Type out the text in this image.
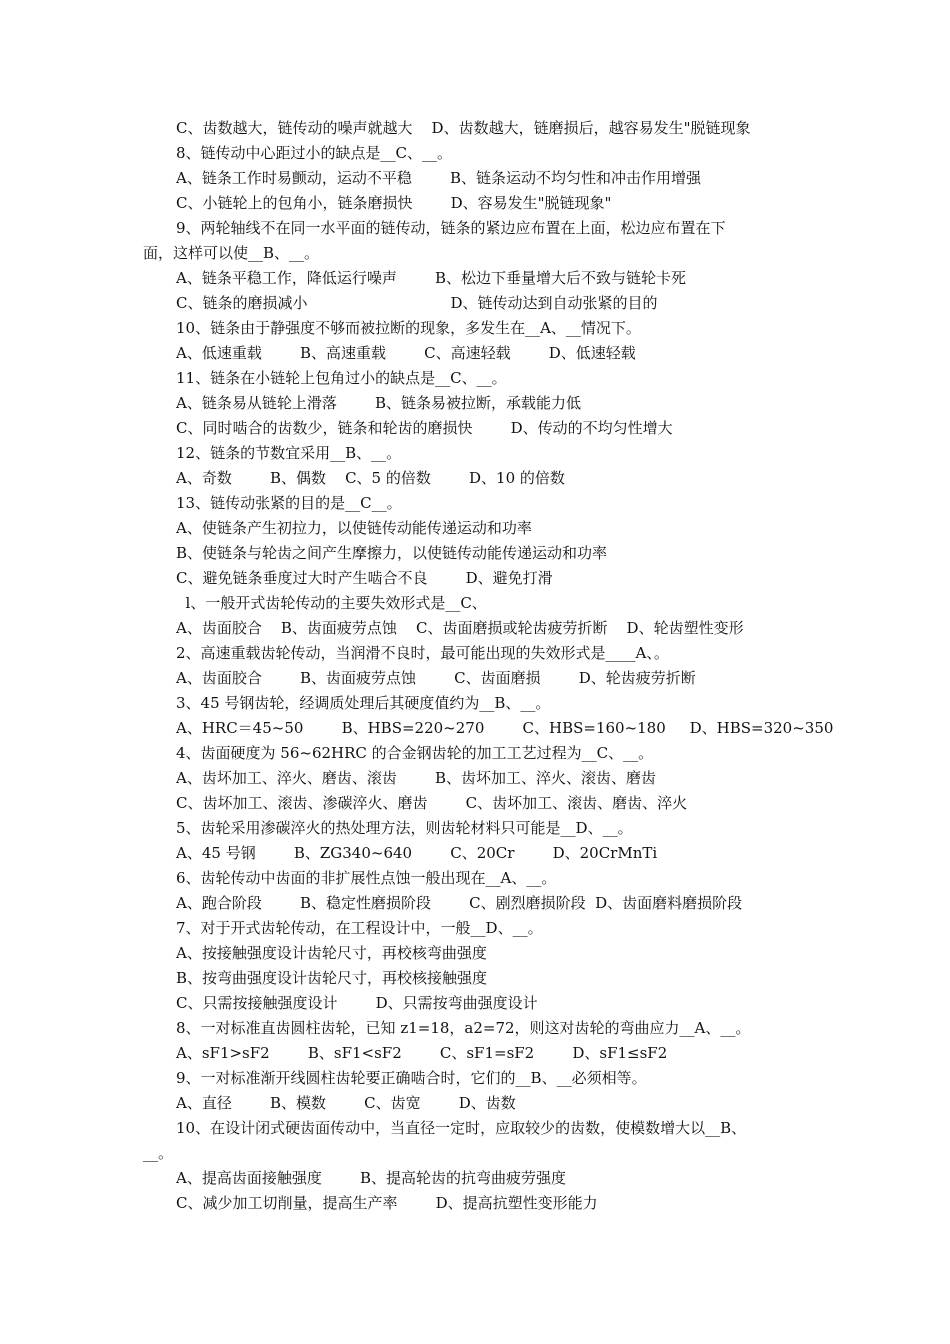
C、齿数越大，链传动的噪声就越大    D、齿数越大，链磨损后，越容易发生"脱链现象
8、链传动中心距过小的缺点是__C、__。
A、链条工作时易颤动，运动不平稳        B、链条运动不均匀性和冲击作用增强
C、小链轮上的包角小，链条磨损快        D、容易发生"脱链现象"
9、两轮轴线不在同一水平面的链传动，链条的紧边应布置在上面，松边应布置在下
面，这样可以使__B、__。
A、链条平稳工作，降低运行噪声        B、松边下垂量增大后不致与链轮卡死
C、链条的磨损减小                              D、链传动达到自动张紧的目的
10、链条由于静强度不够而被拉断的现象，多发生在__A、__情况下。
A、低速重载        B、高速重载        C、高速轻载        D、低速轻载
11、链条在小链轮上包角过小的缺点是__C、__。
A、链条易从链轮上滑落        B、链条易被拉断，承载能力低
C、同时啮合的齿数少，链条和轮齿的磨损快        D、传动的不均匀性增大
12、链条的节数宜采用__B、__。
A、奇数        B、偶数    C、5 的倍数        D、10 的倍数
13、链传动张紧的目的是__C__。
A、使链条产生初拉力，以使链传动能传递运动和功率
B、使链条与轮齿之间产生摩擦力，以使链传动能传递运动和功率
C、避免链条垂度过大时产生啮合不良        D、避免打滑
l、一般开式齿轮传动的主要失效形式是__C、
A、齿面胶合    B、齿面疲劳点蚀    C、齿面磨损或轮齿疲劳折断    D、轮齿塑性变形
2、高速重载齿轮传动，当润滑不良时，最可能出现的失效形式是____A、。
A、齿面胶合        B、齿面疲劳点蚀        C、齿面磨损        D、轮齿疲劳折断
3、45 号钢齿轮，经调质处理后其硬度值约为__B、__。
A、HRC＝45~50        B、HBS=220~270        C、HBS=160~180     D、HBS=320~350
4、齿面硬度为 56~62HRC 的合金钢齿轮的加工工艺过程为__C、__。
A、齿坏加工、淬火、磨齿、滚齿        B、齿坏加工、淬火、滚齿、磨齿
C、齿坏加工、滚齿、渗碳淬火、磨齿        C、齿坏加工、滚齿、磨齿、淬火
5、齿轮采用渗碳淬火的热处理方法，则齿轮材料只可能是__D、__。
A、45 号钢        B、ZG340~640        C、20Cr        D、20CrMnTi
6、齿轮传动中齿面的非扩展性点蚀一般出现在__A、__。
A、跑合阶段        B、稳定性磨损阶段        C、剧烈磨损阶段  D、齿面磨料磨损阶段
7、对于开式齿轮传动，在工程设计中，一般__D、__。
A、按接触强度设计齿轮尺寸，再校核弯曲强度
B、按弯曲强度设计齿轮尺寸，再校核接触强度
C、只需按接触强度设计        D、只需按弯曲强度设计
8、一对标准直齿圆柱齿轮，已知 z1=18，a2=72，则这对齿轮的弯曲应力__A、__。
A、sF1>sF2        B、sF1<sF2        C、sF1=sF2        D、sF1≤sF2
9、一对标准渐开线圆柱齿轮要正确啮合时，它们的__B、__必须相等。
A、直径        B、模数        C、齿宽        D、齿数
10、在设计闭式硬齿面传动中，当直径一定时，应取较少的齿数，使模数增大以__B、
__。
A、提高齿面接触强度        B、提高轮齿的抗弯曲疲劳强度
C、减少加工切削量，提高生产率        D、提高抗塑性变形能力
